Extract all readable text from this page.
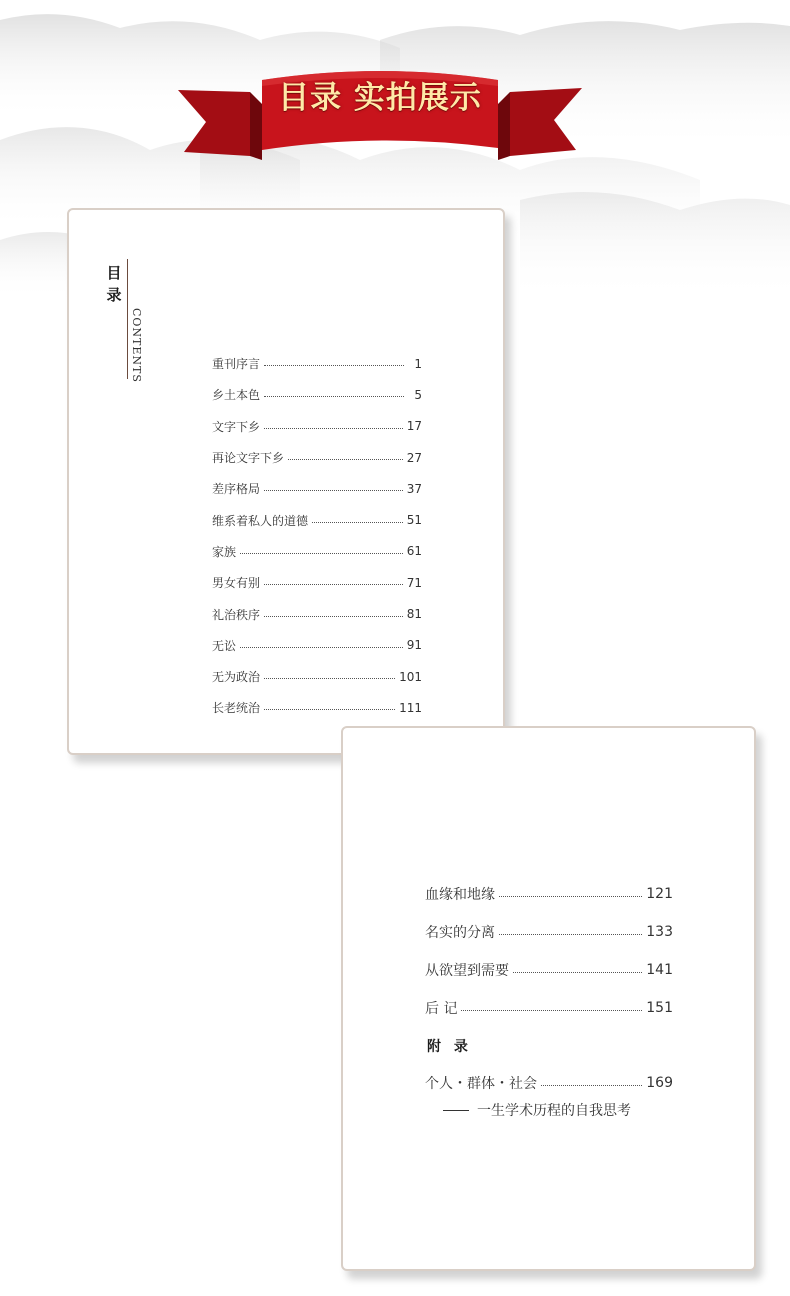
目录 实拍展示
目
录
CONTENTS	重刊序言	1
乡土本色	5
文字下乡	17
再论文字下乡	27
差序格局	37
维系着私人的道德	51
家族	61
男女有别	71
礼治秩序	81
无讼	91
无为政治	101
长老统治	111
血缘和地缘	121
名实的分离	133
从欲望到需要	141
后 记	151
附 录
个人・群体・社会	169
一生学术历程的自我思考
